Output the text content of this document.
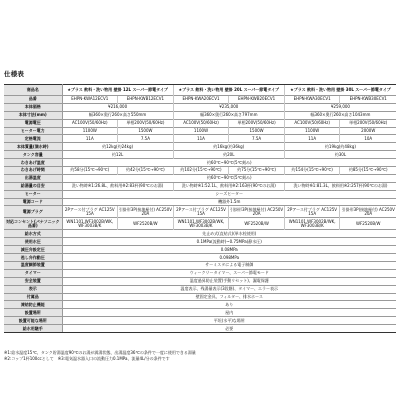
仕様表
商品名	★プラス 飲料・洗い物用 壁掛 12L スーパー節電タイプ		★プラス 飲料・洗い物用 壁掛 20L スーパー節電タイプ		★プラス 飲料・洗い物用 壁掛 30L スーパー節電タイプ	
品番	EHPN-KWA12ECV1	EHPN-KWB12ECV1	EHPN-KWA20ECV1	EHPN-KWB20ECV1	EHPN-KWA30ECV1	EHPN-KWB30ECV1
本体価格	¥216,000		¥235,000		¥259,000	
本体寸法(mm)	幅360×奥行260×高さ550mm		幅360×奥行260×高さ797mm		幅360×奥行260×高さ1043mm	
電源電圧	AC100V(50/60Hz)	単相200V(50/60Hz)	AC100V(50/60Hz)	単相200V(50/60Hz)	AC100V(50/60Hz)	単相200V(50/60Hz)
ヒーター電力	1100W	1500W	1100W	1500W	1100W	2000W
定格電流	11A	7.5A	11A	7.5A	11A	10A
本体質量(満水時)	約12kg(約24kg)		約16kg(約36kg)		約19kg(約48kg)	
タンク容量	約12L		約20L		約30L	
わきあげ温度	約60℃~90℃(5℃刻み)					
わきあげ時間	約58分(15℃→90℃)	約42分(15℃→90℃)	約102分(15℃→90℃)	約75分(15℃→90℃)	約154分(15℃→90℃)	約85分(15℃→90℃)
出湯温度	約60℃~90℃(5℃刻み)					
給湯量の目安	洗い物時※1:26.8L、飲料用※2:83杯(90℃のお湯)		洗い物時※1:52.1L、飲料用※2:163杯(90℃のお湯)		洗い物時※1:81.3L、飲料用※2:257杯(90℃のお湯)	
ヒーター	シーズヒーター					
電源コード	機器外1.5m					
電源プラグ	2Pアース付プラグ AC125V 15A	引掛形3P(接地極付) AC250V 20A	2Pアース付プラグ AC125V 15A	引掛形3P(接地極付) AC250V 20A	2Pアース付プラグ AC125V 15A	引掛形3P(接地極付) AC250V 20A
対応コンセント(パナソニック品番)	WN1101,WF3002B/WK, WF3003B/K	WF2520B/W	WN1101,WF3002B/WK, WF3003B/K	WF2520B/W	WN1101,WF3002B/WK, WF3003B/K	WF2520B/W
給水方式	先止め式(直結式)(単水栓使用)					
使用水圧	0.1MPa(流動時)~0.75MPa(静水圧)					
減圧弁設定圧	0.08MPa					
逃し弁作動圧	0.098MPa					
温度調節装置	サーミスタによる電子制御					
タイマー	ウィークリータイマー、スーパー節電モード					
安全装置	温度過昇防止装置(手動リセット)、漏電保護					
表示	温度表示、残湯量表示(3段階)、タイマー、エラー表示					
付属品	壁固定金具、フィルター、排水ホース					
凍結防止機能	あり					
設置場所	屋内					
設置可能な場所	平坦(水平)な場所					
給水用継手	必要					
※1:給水温度15℃、タンク貯湯温度90℃のお湯が満湯状態、出湯温度36℃の条件で一度に使用できる湯量
※2:コップ1杯100ccとして　※3:電気温水器入口の流動圧力0.1MPa、流量4L/分の条件です
